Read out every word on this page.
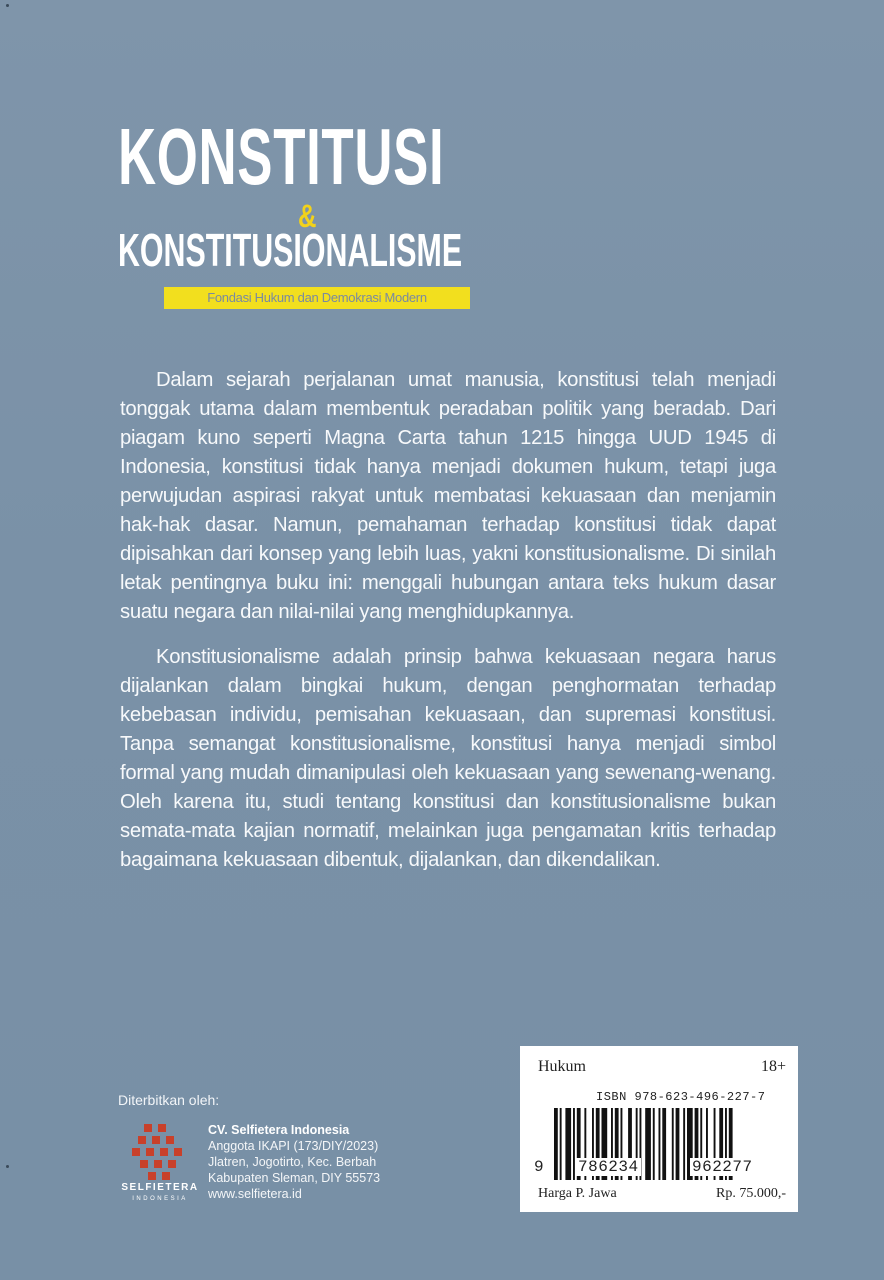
KONSTITUSI
&
KONSTITUSIONALISME
Fondasi Hukum dan Demokrasi Modern

Dalam sejarah perjalanan umat manusia, konstitusi telah menjadi tonggak utama dalam membentuk peradaban politik yang beradab. Dari piagam kuno seperti Magna Carta tahun 1215 hingga UUD 1945 di Indonesia, konstitusi tidak hanya menjadi dokumen hukum, tetapi juga perwujudan aspirasi rakyat untuk membatasi kekuasaan dan menjamin hak-hak dasar. Namun, pemahaman terhadap konstitusi tidak dapat dipisahkan dari konsep yang lebih luas, yakni konstitusionalisme. Di sinilah letak pentingnya buku ini: menggali hubungan antara teks hukum dasar suatu negara dan nilai-nilai yang menghidupkannya.

Konstitusionalisme adalah prinsip bahwa kekuasaan negara harus dijalankan dalam bingkai hukum, dengan penghormatan terhadap kebebasan individu, pemisahan kekuasaan, dan supremasi konstitusi. Tanpa semangat konstitusionalisme, konstitusi hanya menjadi simbol formal yang mudah dimanipulasi oleh kekuasaan yang sewenang-wenang. Oleh karena itu, studi tentang konstitusi dan konstitusionalisme bukan semata-mata kajian normatif, melainkan juga pengamatan kritis terhadap bagaimana kekuasaan dibentuk, dijalankan, dan dikendalikan.

Diterbitkan oleh:
SELFIETERA
INDONESIA
CV. Selfietera Indonesia
Anggota IKAPI (173/DIY/2023)
Jlatren, Jogotirto, Kec. Berbah
Kabupaten Sleman, DIY 55573
www.selfietera.id
Hukum	18+
ISBN 978-623-496-227-7
9 786234	962277
Harga P. Jawa	Rp. 75.000,-
